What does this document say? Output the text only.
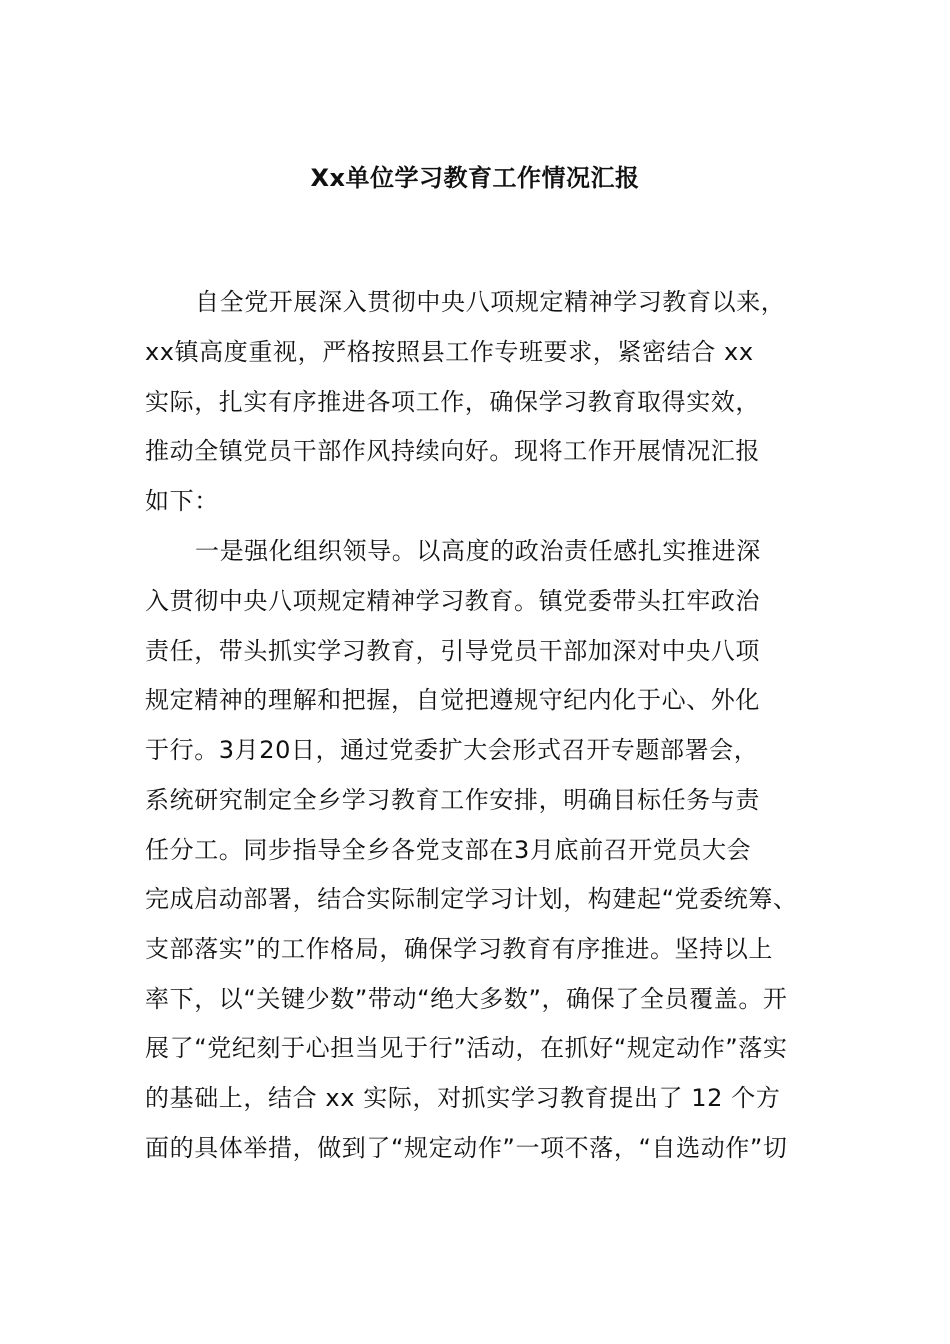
Xx单位学习教育工作情况汇报
自全党开展深入贯彻中央八项规定精神学习教育以来，
xx镇高度重视，严格按照县工作专班要求，紧密结合 xx
实际，扎实有序推进各项工作，确保学习教育取得实效，
推动全镇党员干部作风持续向好。现将工作开展情况汇报
如下：
一是强化组织领导。以高度的政治责任感扎实推进深
入贯彻中央八项规定精神学习教育。镇党委带头扛牢政治
责任，带头抓实学习教育，引导党员干部加深对中央八项
规定精神的理解和把握，自觉把遵规守纪内化于心、外化
于行。3月20日，通过党委扩大会形式召开专题部署会，
系统研究制定全乡学习教育工作安排，明确目标任务与责
任分工。同步指导全乡各党支部在3月底前召开党员大会
完成启动部署，结合实际制定学习计划，构建起“党委统筹、
支部落实”的工作格局，确保学习教育有序推进。坚持以上
率下，以“关键少数”带动“绝大多数”，确保了全员覆盖。开
展了“党纪刻于心担当见于行”活动，在抓好“规定动作”落实
的基础上，结合 xx 实际，对抓实学习教育提出了 12 个方
面的具体举措，做到了“规定动作”一项不落，“自选动作”切
